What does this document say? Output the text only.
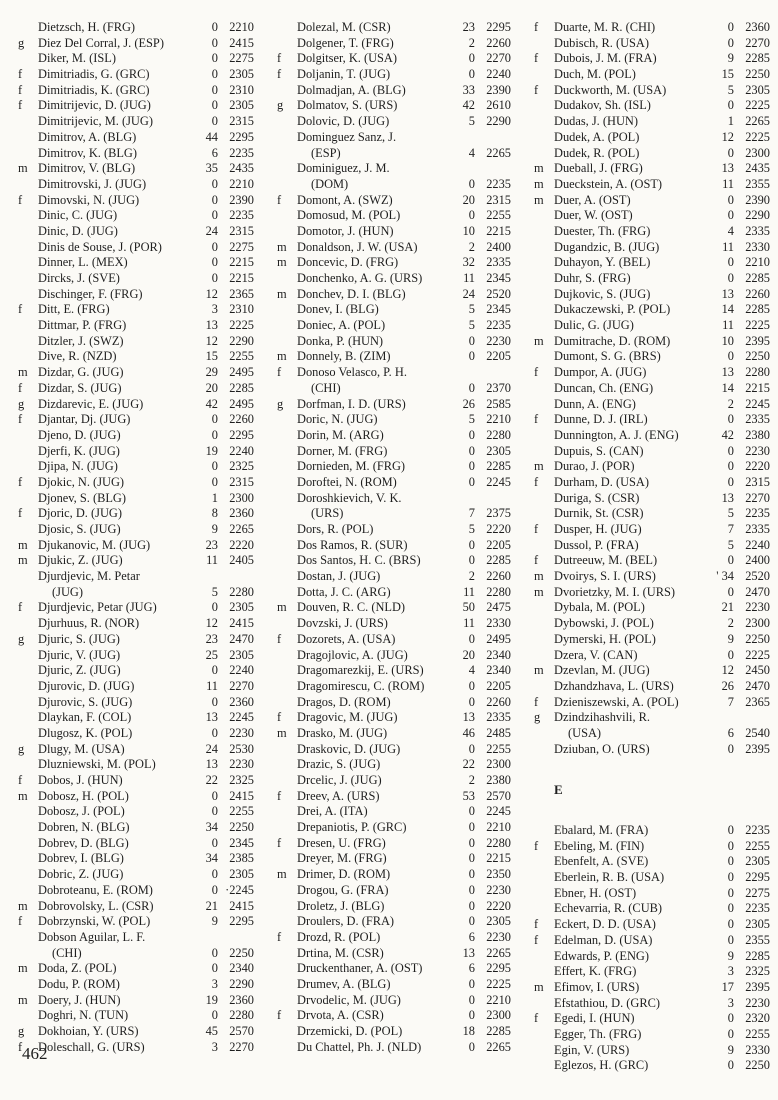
Dietzsch, H. (FRG)	0 2210
g	Diez Del Corral, J. (ESP)	0 2415
Diker, M. (ISL)	0 2275
f	Dimitriadis, G. (GRC)	0 2305
f	Dimitriadis, K. (GRC)	0 2310
f	Dimitrijevic, D. (JUG)	0 2305
Dimitrijevic, M. (JUG)	0 2315
Dimitrov, A. (BLG)	44 2295
Dimitrov, K. (BLG)	6 2235
m Dimitrov, V. (BLG)	35 2435
Dimitrovski, J. (JUG)	0 2210
f	Dimovski, N. (JUG)	0 2390
Dinic, C. (JUG)	0 2235
Dinic, D. (JUG)	24 2315
Dinis de Souse, J. (POR)	0 2275
Dinner, L. (MEX)	0 2215
Dircks, J. (SVE)	0 2215
Dischinger, F. (FRG)	12 2365
f	Ditt, E. (FRG)	3 2310
Dittmar, P. (FRG)	13 2225
Ditzler, J. (SWZ)	12 2290
Dive, R. (NZD)	15 2255
m Dizdar, G. (JUG)	29 2495
f	Dizdar, S. (JUG)	20 2285
g	Dizdarevic, E. (JUG)	42 2495
f	Djantar, Dj. (JUG)	0 2260
Djeno, D. (JUG)	0 2295
Djerfi, K. (JUG)	19 2240
Djipa, N. (JUG)	0 2325
f	Djokic, N. (JUG)	0 2315
Djonev, S. (BLG)	1 2300
f	Djoric, D. (JUG)	8 2360
Djosic, S. (JUG)	9 2265
m Djukanovic, M. (JUG)	23 2220
m Djukic, Z. (JUG)	11 2405
Djurdjevic, M. Petar
(JUG)	5 2280
f	Djurdjevic, Petar (JUG)	0 2305
Djurhuus, R. (NOR)	12 2415
g	Djuric, S. (JUG)	23 2470
Djuric, V. (JUG)	25 2305
Djuric, Z. (JUG)	0 2240
Djurovic, D. (JUG)	11 2270
Djurovic, S. (JUG)	0 2360
Dlaykan, F. (COL)	13 2245
Dlugosz, K. (POL)	0 2230
g	Dlugy, M. (USA)	24 2530
Dluzniewski, M. (POL)	13 2230
f	Dobos, J. (HUN)	22 2325
m Dobosz, H. (POL)	0 2415
Dobosz, J. (POL)	0 2255
Dobren, N. (BLG)	34 2250
Dobrev, D. (BLG)	0 2345
Dobrev, I. (BLG)	34 2385
Dobric, Z. (JUG)	0 2305
Dobroteanu, E. (ROM)	0 ·2245
m Dobrovolsky, L. (CSR)	21 2415
f	Dobrzynski, W. (POL)	9 2295
Dobson Aguilar, L. F.
(CHI)	0 2250
m Doda, Z. (POL)	0 2340
Dodu, P. (ROM)	3 2290
m Doery, J. (HUN)	19 2360
Doghri, N. (TUN)	0 2280
g	Dokhoian, Y. (URS)	45 2570
f	Doleschall, G. (URS)	3 2270
Dolezal, M. (CSR)	23 2295
Dolgener, T. (FRG)	2 2260
f	Dolgitser, K. (USA)	0 2270
f	Doljanin, T. (JUG)	0 2240
Dolmadjan, A. (BLG)	33 2390
g	Dolmatov, S. (URS)	42 2610
Dolovic, D. (JUG)	5 2290
Dominguez Sanz, J.
(ESP)	4 2265
Dominiguez, J. M.
(DOM)	0 2235
f	Domont, A. (SWZ)	20 2315
Domosud, M. (POL)	0 2255
Domotor, J. (HUN)	10 2215
m Donaldson, J. W. (USA)	2 2400
m Doncevic, D. (FRG)	32 2335
Donchenko, A. G. (URS)	11 2345
m Donchev, D. I. (BLG)	24 2520
Donev, I. (BLG)	5 2345
Doniec, A. (POL)	5 2235
Donka, P. (HUN)	0 2230
m Donnely, B. (ZIM)	0 2205
f	Donoso Velasco, P. H.
(CHI)	0 2370
g	Dorfman, I. D. (URS)	26 2585
Doric, N. (JUG)	5 2210
Dorin, M. (ARG)	0 2280
Dorner, M. (FRG)	0 2305
Dornieden, M. (FRG)	0 2285
Doroftei, N. (ROM)	0 2245
Doroshkievich, V. K.
(URS)	7 2375
Dors, R. (POL)	5 2220
Dos Ramos, R. (SUR)	0 2205
Dos Santos, H. C. (BRS)	0 2285
Dostan, J. (JUG)	2 2260
Dotta, J. C. (ARG)	11 2280
m Douven, R. C. (NLD)	50 2475
Dovzski, J. (URS)	11 2330
f	Dozorets, A. (USA)	0 2495
Dragojlovic, A. (JUG)	20 2340
Dragomarezkij, E. (URS)	4 2340
Dragomirescu, C. (ROM)	0 2205
Dragos, D. (ROM)	0 2260
f	Dragovic, M. (JUG)	13 2335
m Drasko, M. (JUG)	46 2485
Draskovic, D. (JUG)	0 2255
Drazic, S. (JUG)	22 2300
Drcelic, J. (JUG)	2 2380
f	Dreev, A. (URS)	53 2570
Drei, A. (ITA)	0 2245
Drepaniotis, P. (GRC)	0 2210
f	Dresen, U. (FRG)	0 2280
Dreyer, M. (FRG)	0 2215
m Drimer, D. (ROM)	0 2350
Drogou, G. (FRA)	0 2230
Droletz, J. (BLG)	0 2220
Droulers, D. (FRA)	0 2305
f	Drozd, R. (POL)	6 2230
Drtina, M. (CSR)	13 2265
Druckenthaner, A. (OST)	6 2295
Drumev, A. (BLG)	0 2225
Drvodelic, M. (JUG)	0 2210
f	Drvota, A. (CSR)	0 2300
Drzemicki, D. (POL)	18 2285
Du Chattel, Ph. J. (NLD)	0 2265
f	Duarte, M. R. (CHI)	0 2360
Dubisch, R. (USA)	0 2270
f	Dubois, J. M. (FRA)	9 2285
Duch, M. (POL)	15 2250
f	Duckworth, M. (USA)	5 2305
Dudakov, Sh. (ISL)	0 2225
Dudas, J. (HUN)	1 2265
Dudek, A. (POL)	12 2225
Dudek, R. (POL)	0 2300
m Dueball, J. (FRG)	13 2435
m Dueckstein, A. (OST)	11 2355
m Duer, A. (OST)	0 2390
Duer, W. (OST)	0 2290
Duester, Th. (FRG)	4 2335
Dugandzic, B. (JUG)	11 2330
Duhayon, Y. (BEL)	0 2210
Duhr, S. (FRG)	0 2285
Dujkovic, S. (JUG)	13 2260
Dukaczewski, P. (POL)	14 2285
Dulic, G. (JUG)	11 2225
m Dumitrache, D. (ROM)	10 2395
Dumont, S. G. (BRS)	0 2250
f	Dumpor, A. (JUG)	13 2280
Duncan, Ch. (ENG)	14 2215
Dunn, A. (ENG)	2 2245
f	Dunne, D. J. (IRL)	0 2335
Dunnington, A. J. (ENG)	42 2380
Dupuis, S. (CAN)	0 2230
m Durao, J. (POR)	0 2220
f	Durham, D. (USA)	0 2315
Duriga, S. (CSR)	13 2270
Durnik, St. (CSR)	5 2235
f	Dusper, H. (JUG)	7 2335
Dussol, P. (FRA)	5 2240
f	Dutreeuw, M. (BEL)	0 2400
m Dvoirys, S. I. (URS)	' 34 2520
m Dvorietzky, M. I. (URS)	0 2470
Dybala, M. (POL)	21 2230
Dybowski, J. (POL)	2 2300
Dymerski, H. (POL)	9 2250
Dzera, V. (CAN)	0 2225
m Dzevlan, M. (JUG)	12 2450
Dzhandzhava, L. (URS)	26 2470
f	Dzieniszewski, A. (POL)	7 2365
g	Dzindzihashvili, R.
(USA)	6 2540
Dziuban, O. (URS)	0 2395
E
Ebalard, M. (FRA)	0 2235
f	Ebeling, M. (FIN)	0 2255
Ebenfelt, A. (SVE)	0 2305
Eberlein, R. B. (USA)	0 2295
Ebner, H. (OST)	0 2275
Echevarria, R. (CUB)	0 2235
f	Eckert, D. D. (USA)	0 2305
f	Edelman, D. (USA)	0 2355
Edwards, P. (ENG)	9 2285
Effert, K. (FRG)	3 2325
m Efimov, I. (URS)	17 2395
Efstathiou, D. (GRC)	3 2230
f	Egedi, I. (HUN)	0 2320
Egger, Th. (FRG)	0 2255
Egin, V. (URS)	9 2330
Eglezos, H. (GRC)	0 2250
462
